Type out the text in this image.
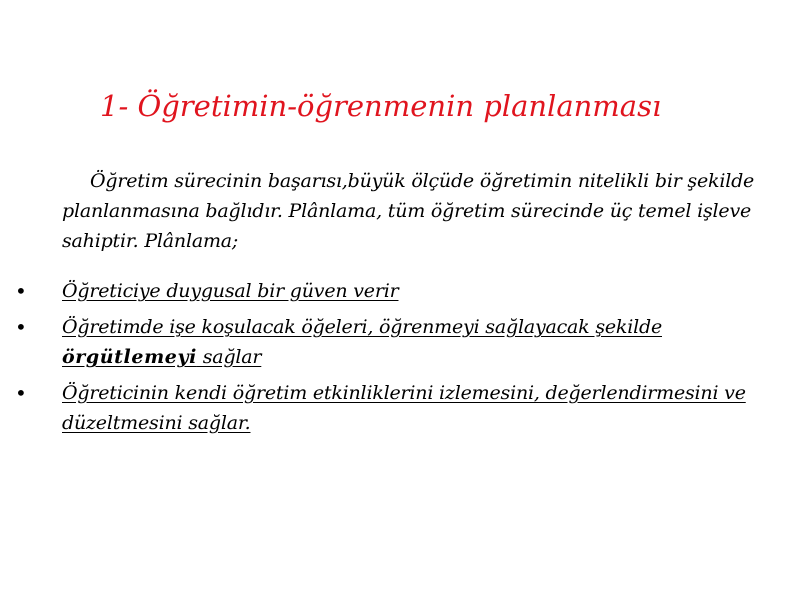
1- Öğretimin-öğrenmenin planlanması

Öğretim sürecinin başarısı,büyük ölçüde öğretimin nitelikli bir şekilde planlanmasına bağlıdır. Plânlama, tüm öğretim sürecinde üç temel işleve sahiptir. Plânlama;

• Öğreticiye duygusal bir güven verir
• Öğretimde işe koşulacak öğeleri, öğrenmeyi sağlayacak şekilde örgütlemeyi sağlar
• Öğreticinin kendi öğretim etkinliklerini izlemesini, değerlendirmesini ve düzeltmesini sağlar.
